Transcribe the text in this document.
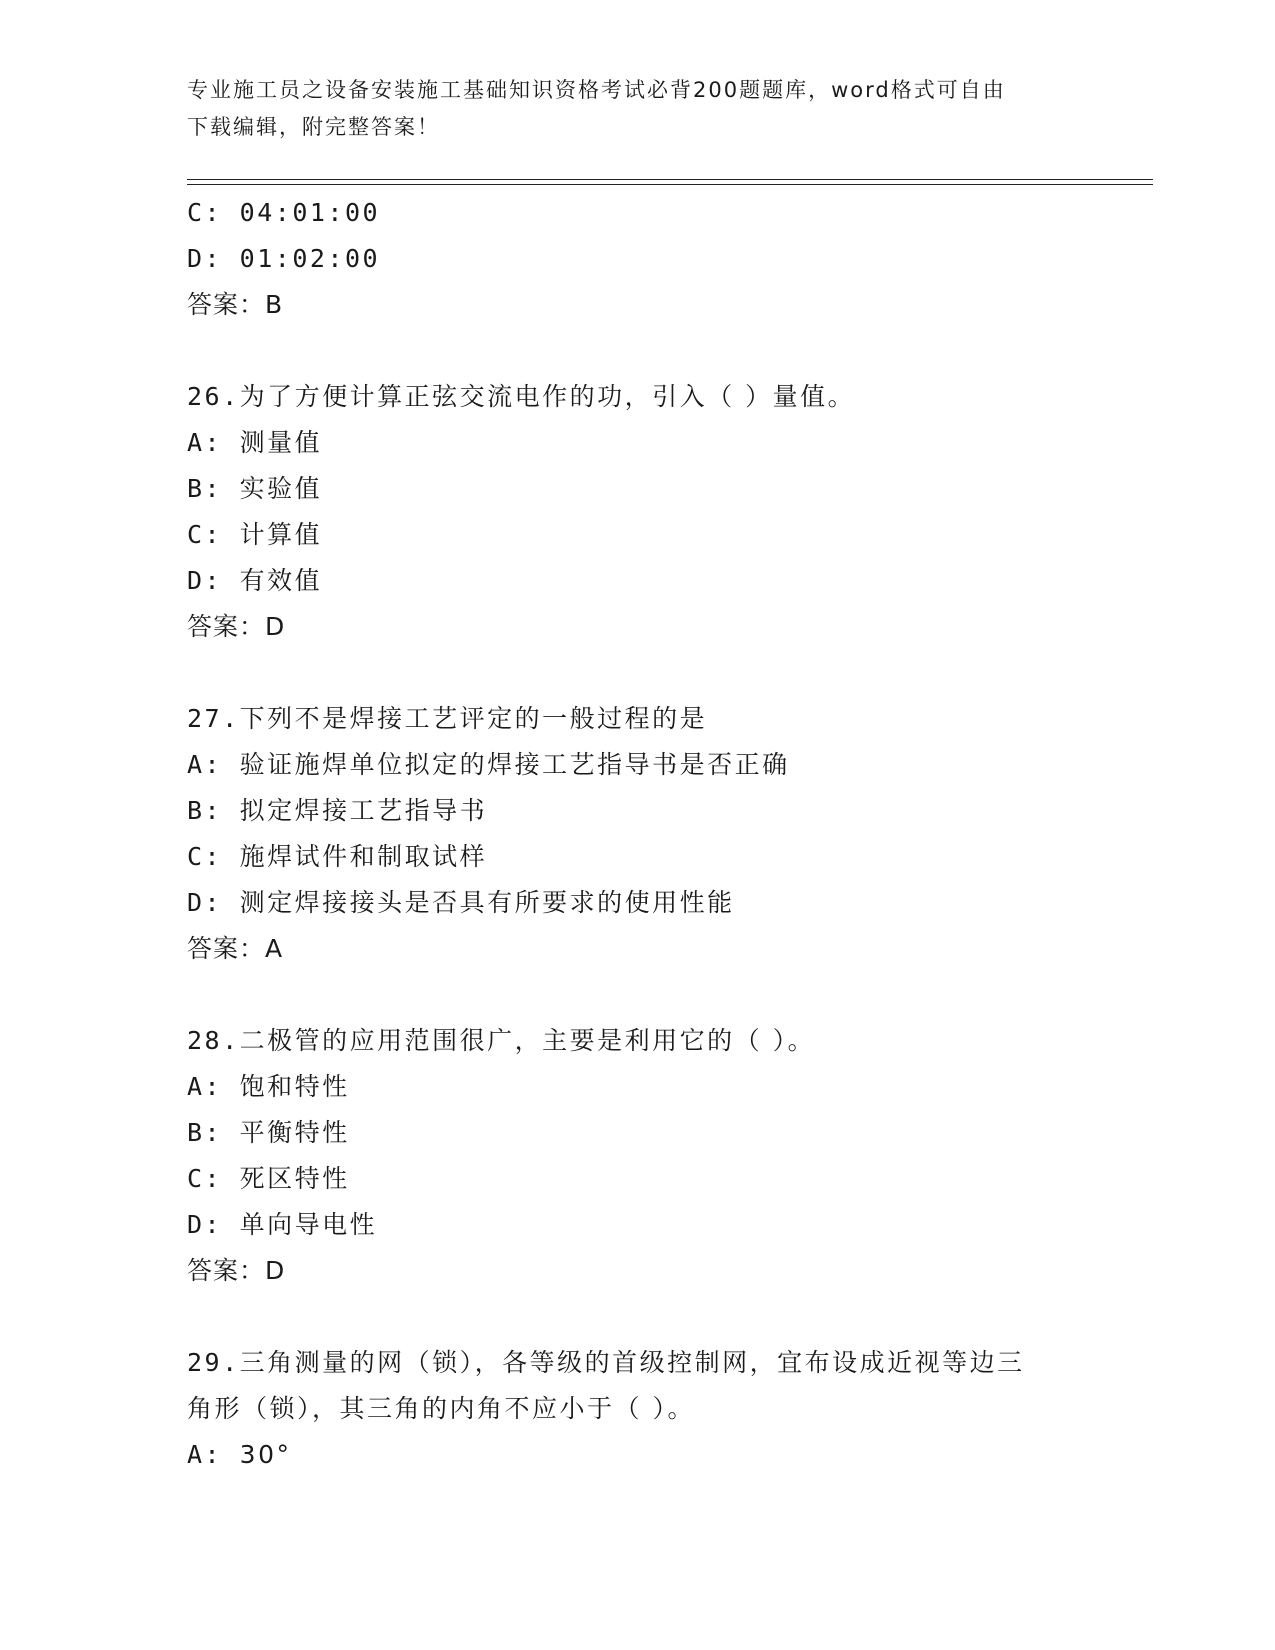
专业施工员之设备安装施工基础知识资格考试必背200题题库，word格式可自由
下载编辑，附完整答案！
C: 04:01:00
D: 01:02:00
答案：B
26.为了方便计算正弦交流电作的功，引入（ ）量值。
A: 测量值
B: 实验值
C: 计算值
D: 有效值
答案：D
27.下列不是焊接工艺评定的一般过程的是
A: 验证施焊单位拟定的焊接工艺指导书是否正确
B: 拟定焊接工艺指导书
C: 施焊试件和制取试样
D: 测定焊接接头是否具有所要求的使用性能
答案：A
28.二极管的应用范围很广，主要是利用它的（ ）。
A: 饱和特性
B: 平衡特性
C: 死区特性
D: 单向导电性
答案：D
29.三角测量的网（锁），各等级的首级控制网，宜布设成近视等边三
角形（锁），其三角的内角不应小于（ ）。
A: 30°
